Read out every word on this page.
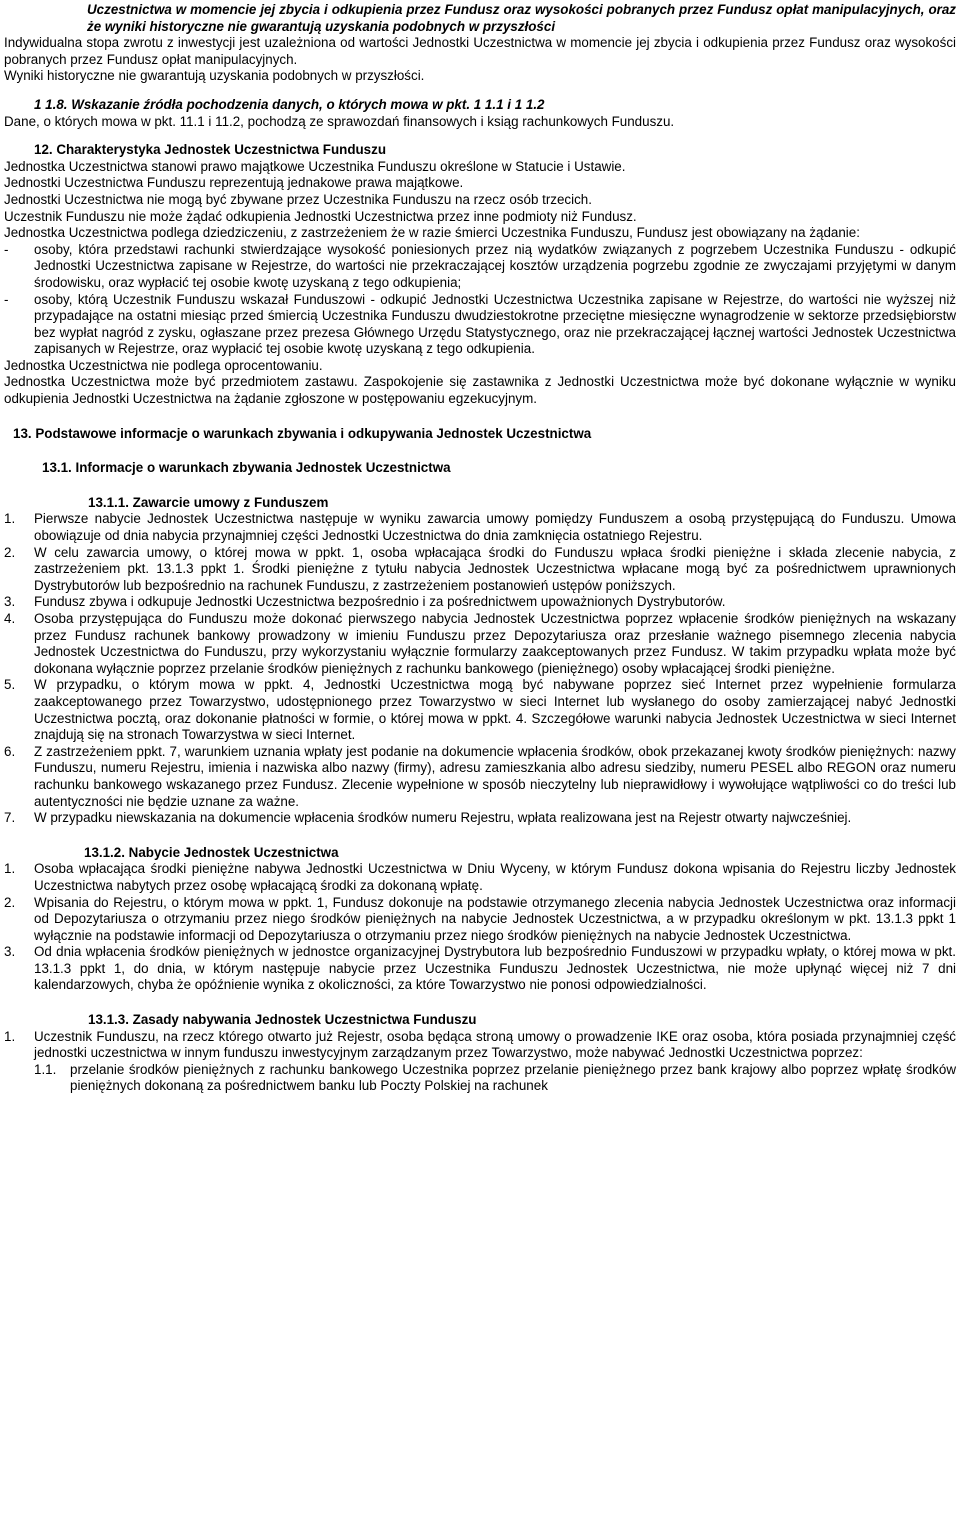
Uczestnictwa w momencie jej zbycia i odkupienia przez Fundusz oraz wysokości pobranych przez Fundusz opłat manipulacyjnych, oraz że wyniki historyczne nie gwarantują uzyskania podobnych w przyszłości

Indywidualna stopa zwrotu z inwestycji jest uzależniona od wartości Jednostki Uczestnictwa w momencie jej zbycia i odkupienia przez Fundusz oraz wysokości pobranych przez Fundusz opłat manipulacyjnych.

Wyniki historyczne nie gwarantują uzyskania podobnych w przyszłości.

1 1.8. Wskazanie źródła pochodzenia danych, o których mowa w pkt. 1 1.1 i 1 1.2

Dane, o których mowa w pkt. 11.1 i 11.2, pochodzą ze sprawozdań finansowych i ksiąg rachunkowych Funduszu.

12. Charakterystyka Jednostek Uczestnictwa Funduszu

Jednostka Uczestnictwa stanowi prawo majątkowe Uczestnika Funduszu określone w Statucie i Ustawie.

Jednostki Uczestnictwa Funduszu reprezentują jednakowe prawa majątkowe.

Jednostki Uczestnictwa nie mogą być zbywane przez Uczestnika Funduszu na rzecz osób trzecich.

Uczestnik Funduszu nie może żądać odkupienia Jednostki Uczestnictwa przez inne podmioty niż Fundusz.

Jednostka Uczestnictwa podlega dziedziczeniu, z zastrzeżeniem że w razie śmierci Uczestnika Funduszu, Fundusz jest obowiązany na żądanie:

-	osoby, która przedstawi rachunki stwierdzające wysokość poniesionych przez nią wydatków związanych z pogrzebem Uczestnika Funduszu - odkupić Jednostki Uczestnictwa zapisane w Rejestrze, do wartości nie przekraczającej kosztów urządzenia pogrzebu zgodnie ze zwyczajami przyjętymi w danym środowisku, oraz wypłacić tej osobie kwotę uzyskaną z tego odkupienia;
-	osoby, którą Uczestnik Funduszu wskazał Funduszowi - odkupić Jednostki Uczestnictwa Uczestnika zapisane w Rejestrze, do wartości nie wyższej niż przypadające na ostatni miesiąc przed śmiercią Uczestnika Funduszu dwudziestokrotne przeciętne miesięczne wynagrodzenie w sektorze przedsiębiorstw bez wypłat nagród z zysku, ogłaszane przez prezesa Głównego Urzędu Statystycznego, oraz nie przekraczającej łącznej wartości Jednostek Uczestnictwa zapisanych w Rejestrze, oraz wypłacić tej osobie kwotę uzyskaną z tego odkupienia.

Jednostka Uczestnictwa nie podlega oprocentowaniu.

Jednostka Uczestnictwa może być przedmiotem zastawu. Zaspokojenie się zastawnika z Jednostki Uczestnictwa może być dokonane wyłącznie w wyniku odkupienia Jednostki Uczestnictwa na żądanie zgłoszone w postępowaniu egzekucyjnym.

13. Podstawowe informacje o warunkach zbywania i odkupywania Jednostek Uczestnictwa

13.1. Informacje o warunkach zbywania Jednostek Uczestnictwa

13.1.1. Zawarcie umowy z Funduszem

1.	Pierwsze nabycie Jednostek Uczestnictwa następuje w wyniku zawarcia umowy pomiędzy Funduszem a osobą przystępującą do Funduszu. Umowa obowiązuje od dnia nabycia przynajmniej części Jednostki Uczestnictwa do dnia zamknięcia ostatniego Rejestru.
2.	W celu zawarcia umowy, o której mowa w ppkt. 1, osoba wpłacająca środki do Funduszu wpłaca środki pieniężne i składa zlecenie nabycia, z zastrzeżeniem pkt. 13.1.3 ppkt 1. Środki pieniężne z tytułu nabycia Jednostek Uczestnictwa wpłacane mogą być za pośrednictwem uprawnionych Dystrybutorów lub bezpośrednio na rachunek Funduszu, z zastrzeżeniem postanowień ustępów poniższych.
3.	Fundusz zbywa i odkupuje Jednostki Uczestnictwa bezpośrednio i za pośrednictwem upoważnionych Dystrybutorów.
4.	Osoba przystępująca do Funduszu może dokonać pierwszego nabycia Jednostek Uczestnictwa poprzez wpłacenie środków pieniężnych na wskazany przez Fundusz rachunek bankowy prowadzony w imieniu Funduszu przez Depozytariusza oraz przesłanie ważnego pisemnego zlecenia nabycia Jednostek Uczestnictwa do Funduszu, przy wykorzystaniu wyłącznie formularzy zaakceptowanych przez Fundusz. W takim przypadku wpłata może być dokonana wyłącznie poprzez przelanie środków pieniężnych z rachunku bankowego (pieniężnego) osoby wpłacającej środki pieniężne.
5.	W przypadku, o którym mowa w ppkt. 4, Jednostki Uczestnictwa mogą być nabywane poprzez sieć Internet przez wypełnienie formularza zaakceptowanego przez Towarzystwo, udostępnionego przez Towarzystwo w sieci Internet lub wysłanego do osoby zamierzającej nabyć Jednostki Uczestnictwa pocztą, oraz dokonanie płatności w formie, o której mowa w ppkt. 4. Szczegółowe warunki nabycia Jednostek Uczestnictwa w sieci Internet znajdują się na stronach Towarzystwa w sieci Internet.
6.	Z zastrzeżeniem ppkt. 7, warunkiem uznania wpłaty jest podanie na dokumencie wpłacenia środków, obok przekazanej kwoty środków pieniężnych: nazwy Funduszu, numeru Rejestru, imienia i nazwiska albo nazwy (firmy), adresu zamieszkania albo adresu siedziby, numeru PESEL albo REGON oraz numeru rachunku bankowego wskazanego przez Fundusz. Zlecenie wypełnione w sposób nieczytelny lub nieprawidłowy i wywołujące wątpliwości co do treści lub autentyczności nie będzie uznane za ważne.
7.	W przypadku niewskazania na dokumencie wpłacenia środków numeru Rejestru, wpłata realizowana jest na Rejestr otwarty najwcześniej.

13.1.2. Nabycie Jednostek Uczestnictwa

1.	Osoba wpłacająca środki pieniężne nabywa Jednostki Uczestnictwa w Dniu Wyceny, w którym Fundusz dokona wpisania do Rejestru liczby Jednostek Uczestnictwa nabytych przez osobę wpłacającą środki za dokonaną wpłatę.
2.	Wpisania do Rejestru, o którym mowa w ppkt. 1, Fundusz dokonuje na podstawie otrzymanego zlecenia nabycia Jednostek Uczestnictwa oraz informacji od Depozytariusza o otrzymaniu przez niego środków pieniężnych na nabycie Jednostek Uczestnictwa, a w przypadku określonym w pkt. 13.1.3 ppkt 1 wyłącznie na podstawie informacji od Depozytariusza o otrzymaniu przez niego środków pieniężnych na nabycie Jednostek Uczestnictwa.
3.	Od dnia wpłacenia środków pieniężnych w jednostce organizacyjnej Dystrybutora lub bezpośrednio Funduszowi w przypadku wpłaty, o której mowa w pkt. 13.1.3 ppkt 1, do dnia, w którym następuje nabycie przez Uczestnika Funduszu Jednostek Uczestnictwa, nie może upłynąć więcej niż 7 dni kalendarzowych, chyba że opóźnienie wynika z okoliczności, za które Towarzystwo nie ponosi odpowiedzialności.

13.1.3. Zasady nabywania Jednostek Uczestnictwa Funduszu

1.	Uczestnik Funduszu, na rzecz którego otwarto już Rejestr, osoba będąca stroną umowy o prowadzenie IKE oraz osoba, która posiada przynajmniej część jednostki uczestnictwa w innym funduszu inwestycyjnym zarządzanym przez Towarzystwo, może nabywać Jednostki Uczestnictwa poprzez:
1.1.	przelanie środków pieniężnych z rachunku bankowego Uczestnika poprzez przelanie pieniężnego przez bank krajowy albo poprzez wpłatę środków pieniężnych dokonaną za pośrednictwem banku lub Poczty Polskiej na rachunek
